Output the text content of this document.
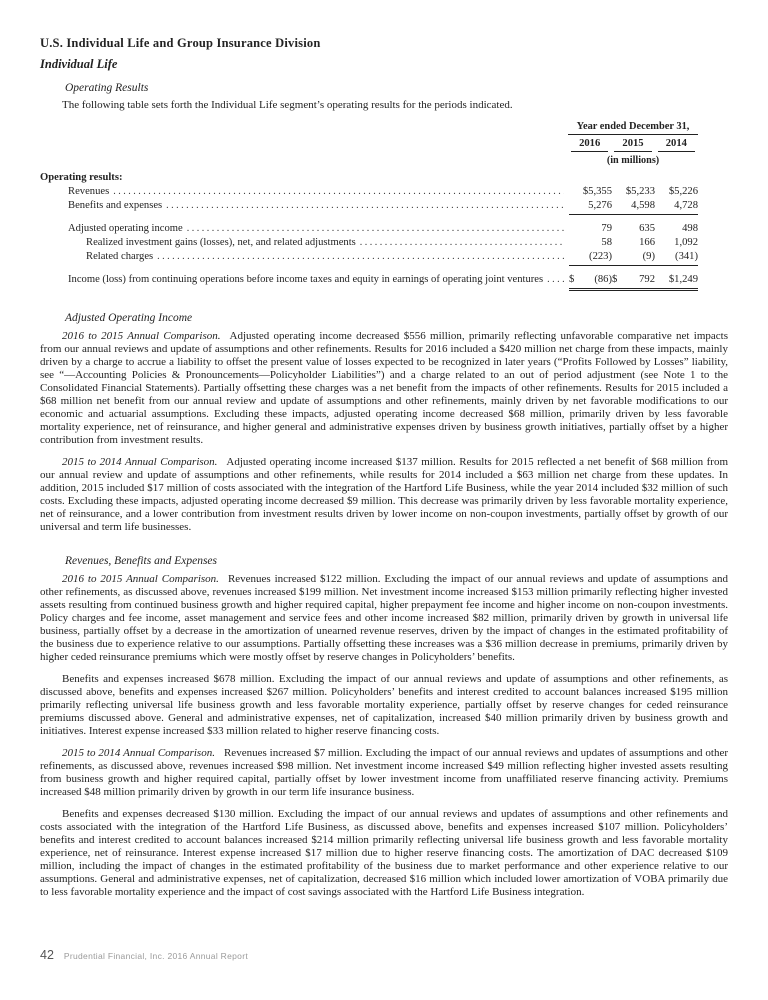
U.S. Individual Life and Group Insurance Division
Individual Life
Operating Results

The following table sets forth the Individual Life segment’s operating results for the periods indicated.

Year ended December 31,
2016	2015	2014
(in millions)
Operating results:
Revenues . . .	$5,355	$5,233	$5,226
Benefits and expenses . . .	5,276	4,598	4,728
Adjusted operating income . . .	79	635	498
Realized investment gains (losses), net, and related adjustments . . .	58	166	1,092
Related charges . . .	(223)	(9)	(341)
Income (loss) from continuing operations before income taxes and equity in earnings of operating joint ventures . . . $ (86) $ 792	$1,249
Adjusted Operating Income

2016 to 2015 Annual Comparison. Adjusted operating income decreased $556 million, primarily reflecting unfavorable comparative net impacts from our annual reviews and update of assumptions and other refinements. Results for 2016 included a $420 million net charge from these impacts, mainly driven by a charge to accrue a liability to offset the present value of losses expected to be recognized in later years (“Profits Followed by Losses” liability, see “—Accounting Policies & Pronouncements—Policyholder Liabilities”) and a charge related to an out of period adjustment (see Note 1 to the Consolidated Financial Statements). Partially offsetting these charges was a net benefit from the impacts of other refinements. Results for 2015 included a $68 million net benefit from our annual review and update of assumptions and other refinements, mainly driven by net favorable modifications to our economic and actuarial assumptions. Excluding these impacts, adjusted operating income decreased $68 million, primarily driven by less favorable mortality experience, net of reinsurance, and higher general and administrative expenses driven by business growth initiatives, partially offset by a higher contribution from investment results.

2015 to 2014 Annual Comparison. Adjusted operating income increased $137 million. Results for 2015 reflected a net benefit of $68 million from our annual review and update of assumptions and other refinements, while results for 2014 included a $63 million net charge from these updates. In addition, 2015 included $17 million of costs associated with the integration of the Hartford Life Business, while the year 2014 included $32 million of such costs. Excluding these impacts, adjusted operating income decreased $9 million. This decrease was primarily driven by less favorable mortality experience, net of reinsurance, and a lower contribution from investment results driven by lower income on non-coupon investments, partially offset by growth of our universal and term life businesses.

Revenues, Benefits and Expenses

2016 to 2015 Annual Comparison. Revenues increased $122 million. Excluding the impact of our annual reviews and update of assumptions and other refinements, as discussed above, revenues increased $199 million. Net investment income increased $153 million primarily reflecting higher invested assets resulting from continued business growth and higher required capital, higher prepayment fee income and higher income on non-coupon investments. Policy charges and fee income, asset management and service fees and other income increased $82 million, primarily driven by growth in universal life business, partially offset by a decrease in the amortization of unearned revenue reserves, driven by the impact of changes in the estimated profitability of the business due to experience relative to our assumptions. Partially offsetting these increases was a $36 million decrease in premiums, primarily driven by higher ceded reinsurance premiums which were mostly offset by reserve changes in Policyholders’ benefits.

Benefits and expenses increased $678 million. Excluding the impact of our annual reviews and update of assumptions and other refinements, as discussed above, benefits and expenses increased $267 million. Policyholders’ benefits and interest credited to account balances increased $195 million primarily reflecting universal life business growth and less favorable mortality experience, partially offset by reserve changes for ceded reinsurance premiums discussed above. General and administrative expenses, net of capitalization, increased $40 million primarily driven by business growth and initiatives. Interest expense increased $33 million related to higher reserve financing costs.

2015 to 2014 Annual Comparison. Revenues increased $7 million. Excluding the impact of our annual reviews and updates of assumptions and other refinements, as discussed above, revenues increased $98 million. Net investment income increased $49 million reflecting higher invested assets resulting from business growth and higher required capital, partially offset by lower investment income from unaffiliated reserve financing activity. Premiums increased $48 million primarily driven by growth in our term life insurance business.

Benefits and expenses decreased $130 million. Excluding the impact of our annual reviews and updates of assumptions and other refinements and costs associated with the integration of the Hartford Life Business, as discussed above, benefits and expenses increased $107 million. Policyholders’ benefits and interest credited to account balances increased $214 million primarily reflecting universal life business growth and less favorable mortality experience, net of reinsurance. Interest expense increased $17 million due to higher reserve financing costs. The amortization of DAC decreased $109 million, including the impact of changes in the estimated profitability of the business due to market performance and other experience relative to our assumptions. General and administrative expenses, net of capitalization, decreased $16 million which included lower amortization of VOBA primarily due to less favorable mortality experience and the impact of cost savings associated with the Hartford Life Business integration.

42 Prudential Financial, Inc. 2016 Annual Report
